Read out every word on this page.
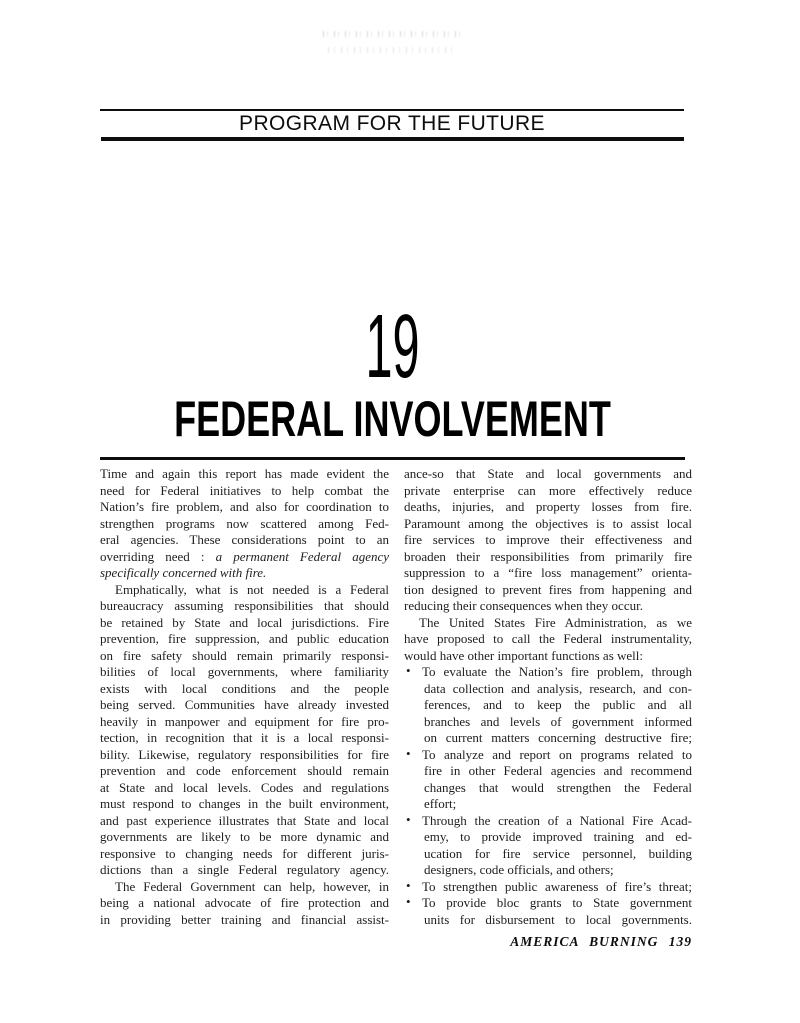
PROGRAM FOR THE FUTURE
19
FEDERAL INVOLVEMENT
Time and again this report has made evident the
need for Federal initiatives to help combat the
Nation’s fire problem, and also for coordination to
strengthen programs now scattered among Fed-
eral agencies. These considerations point to an
overriding need : a permanent Federal agency
specifically concerned with fire.
Emphatically, what is not needed is a Federal
bureaucracy assuming responsibilities that should
be retained by State and local jurisdictions. Fire
prevention, fire suppression, and public education
on fire safety should remain primarily responsi-
bilities of local governments, where familiarity
exists with local conditions and the people
being served. Communities have already invested
heavily in manpower and equipment for fire pro-
tection, in recognition that it is a local responsi-
bility. Likewise, regulatory responsibilities for fire
prevention and code enforcement should remain
at State and local levels. Codes and regulations
must respond to changes in the built environment,
and past experience illustrates that State and local
governments are likely to be more dynamic and
responsive to changing needs for different juris-
dictions than a single Federal regulatory agency.
The Federal Government can help, however, in
being a national advocate of fire protection and
in providing better training and financial assist-
ance-so that State and local governments and
private enterprise can more effectively reduce
deaths, injuries, and property losses from fire.
Paramount among the objectives is to assist local
fire services to improve their effectiveness and
broaden their responsibilities from primarily fire
suppression to a “fire loss management” orienta-
tion designed to prevent fires from happening and
reducing their consequences when they occur.
The United States Fire Administration, as we
have proposed to call the Federal instrumentality,
would have other important functions as well:
• To evaluate the Nation’s fire problem, through
data collection and analysis, research, and con-
ferences, and to keep the public and all
branches and levels of government informed
on current matters concerning destructive fire;
• To analyze and report on programs related to
fire in other Federal agencies and recommend
changes that would strengthen the Federal
effort;
• Through the creation of a National Fire Acad-
emy, to provide improved training and ed-
ucation for fire service personnel, building
designers, code officials, and others;
• To strengthen public awareness of fire’s threat;
• To provide bloc grants to State government
units for disbursement to local governments.
AMERICA BURNING 139
